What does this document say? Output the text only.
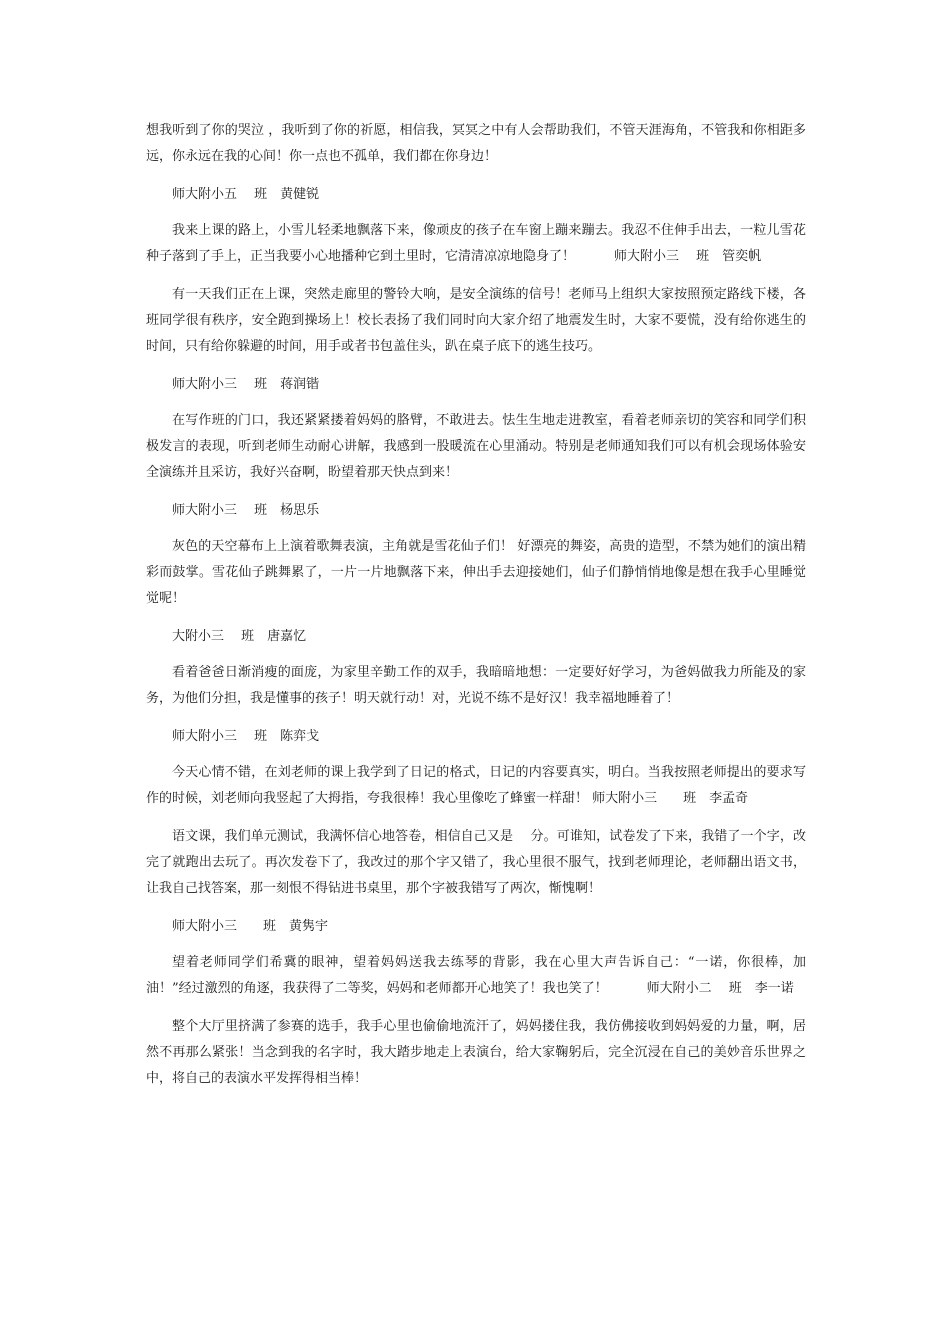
想我听到了你的哭泣 ，我听到了你的祈愿，相信我，冥冥之中有人会帮助我们，不管天涯海角，不管我和你相距多远，你永远在我的心间！你一点也不孤单，我们都在你身边！

师大附小五　 班　黄健锐

我来上课的路上，小雪儿轻柔地飘落下来，像顽皮的孩子在车窗上蹦来蹦去。我忍不住伸手出去，一粒儿雪花种子落到了手上，正当我要小心地播种它到土里时，它清清凉凉地隐身了！　　　师大附小三　 班　管奕帆

有一天我们正在上课，突然走廊里的警铃大响，是安全演练的信号！老师马上组织大家按照预定路线下楼，各班同学很有秩序，安全跑到操场上！校长表扬了我们同时向大家介绍了地震发生时，大家不要慌，没有给你逃生的时间，只有给你躲避的时间，用手或者书包盖住头，趴在桌子底下的逃生技巧。

师大附小三　 班　蒋润锴

在写作班的门口，我还紧紧搂着妈妈的胳臂，不敢进去。怯生生地走进教室，看着老师亲切的笑容和同学们积极发言的表现，听到老师生动耐心讲解，我感到一股暖流在心里涌动。特别是老师通知我们可以有机会现场体验安全演练并且采访，我好兴奋啊，盼望着那天快点到来！

师大附小三　 班　杨思乐

灰色的天空幕布上上演着歌舞表演，主角就是雪花仙子们！ 好漂亮的舞姿，高贵的造型，不禁为她们的演出精彩而鼓掌。雪花仙子跳舞累了，一片一片地飘落下来，伸出手去迎接她们，仙子们静悄悄地像是想在我手心里睡觉觉呢！

大附小三　 班　唐嘉忆

看着爸爸日渐消瘦的面庞，为家里辛勤工作的双手，我暗暗地想：一定要好好学习，为爸妈做我力所能及的家务，为他们分担，我是懂事的孩子！明天就行动！对，光说不练不是好汉！我幸福地睡着了！

师大附小三　 班　陈弈戈

今天心情不错，在刘老师的课上我学到了日记的格式，日记的内容要真实，明白。当我按照老师提出的要求写作的时候，刘老师向我竖起了大拇指，夸我很棒！我心里像吃了蜂蜜一样甜！ 师大附小三　　班　李孟奇

语文课，我们单元测试，我满怀信心地答卷，相信自己又是　 分。可谁知，试卷发了下来，我错了一个字，改完了就跑出去玩了。再次发卷下了，我改过的那个字又错了，我心里很不服气，找到老师理论，老师翻出语文书，让我自己找答案，那一刻恨不得钻进书桌里，那个字被我错写了两次，惭愧啊！

师大附小三　　班　黄隽宇

望着老师同学们希冀的眼神，望着妈妈送我去练琴的背影，我在心里大声告诉自己：“一诺，你很棒，加油！”经过激烈的角逐，我获得了二等奖，妈妈和老师都开心地笑了！我也笑了！　　　师大附小二　 班　李一诺

整个大厅里挤满了参赛的选手，我手心里也偷偷地流汗了，妈妈搂住我，我仿佛接收到妈妈爱的力量，啊，居然不再那么紧张！当念到我的名字时，我大踏步地走上表演台，给大家鞠躬后，完全沉浸在自己的美妙音乐世界之中，将自己的表演水平发挥得相当棒！
